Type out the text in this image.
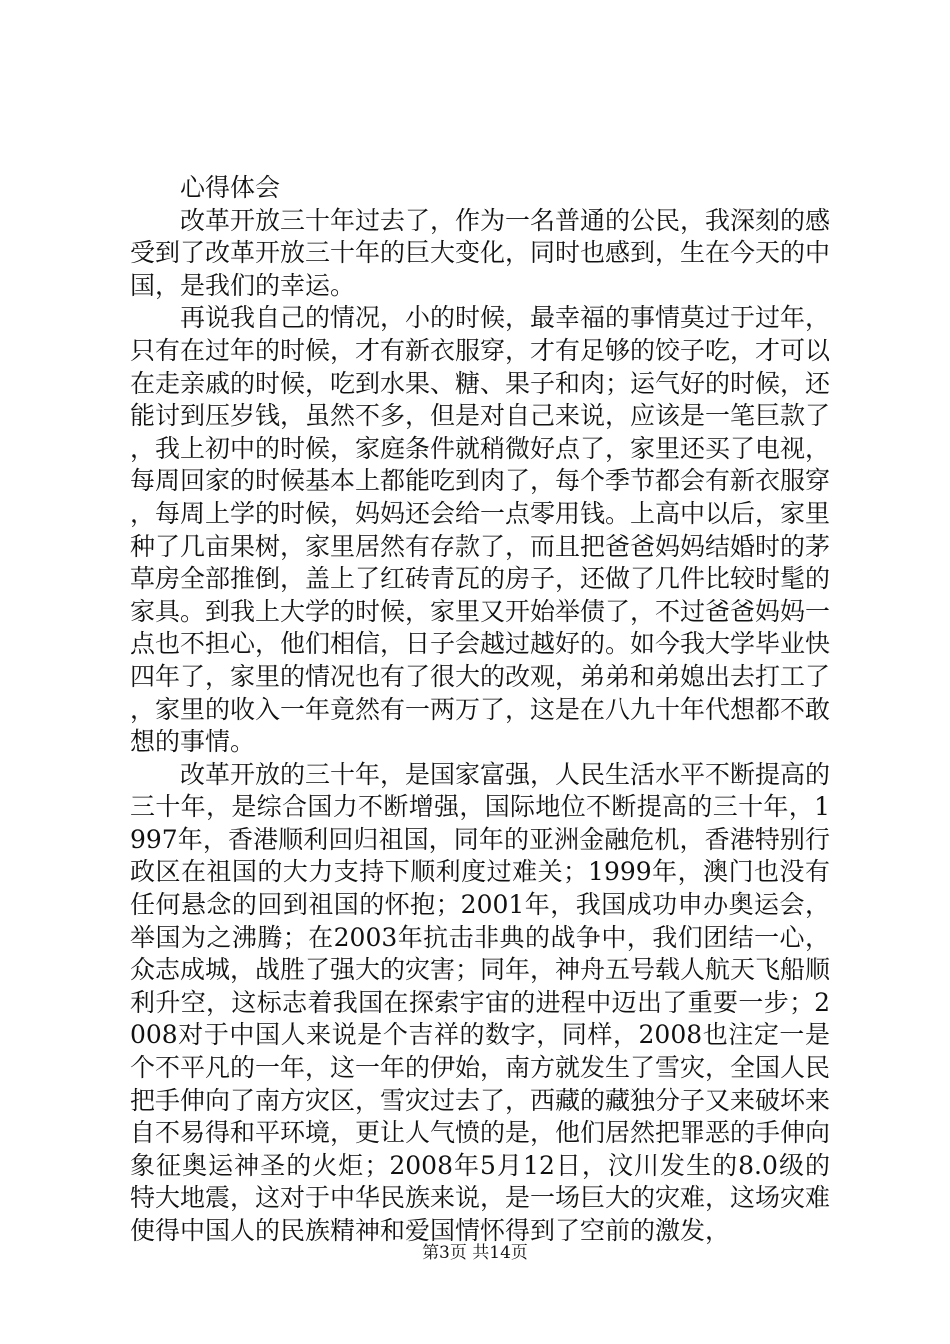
心得体会

改革开放三十年过去了，作为一名普通的公民，我深刻的感受到了改革开放三十年的巨大变化，同时也感到，生在今天的中国，是我们的幸运。

再说我自己的情况，小的时候，最幸福的事情莫过于过年，只有在过年的时候，才有新衣服穿，才有足够的饺子吃，才可以在走亲戚的时候，吃到水果、糖、果子和肉；运气好的时候，还能讨到压岁钱，虽然不多，但是对自己来说，应该是一笔巨款了，我上初中的时候，家庭条件就稍微好点了，家里还买了电视，每周回家的时候基本上都能吃到肉了，每个季节都会有新衣服穿，每周上学的时候，妈妈还会给一点零用钱。上高中以后，家里种了几亩果树，家里居然有存款了，而且把爸爸妈妈结婚时的茅草房全部推倒，盖上了红砖青瓦的房子，还做了几件比较时髦的家具。到我上大学的时候，家里又开始举债了，不过爸爸妈妈一点也不担心，他们相信，日子会越过越好的。如今我大学毕业快四年了，家里的情况也有了很大的改观，弟弟和弟媳出去打工了，家里的收入一年竟然有一两万了，这是在八九十年代想都不敢想的事情。

改革开放的三十年，是国家富强，人民生活水平不断提高的三十年，是综合国力不断增强，国际地位不断提高的三十年，1997年，香港顺利回归祖国，同年的亚洲金融危机，香港特别行政区在祖国的大力支持下顺利度过难关；1999年，澳门也没有任何悬念的回到祖国的怀抱；2001年，我国成功申办奥运会，举国为之沸腾；在2003年抗击非典的战争中，我们团结一心，众志成城，战胜了强大的灾害；同年，神舟五号载人航天飞船顺利升空，这标志着我国在探索宇宙的进程中迈出了重要一步；2008对于中国人来说是个吉祥的数字，同样，2008也注定一是个不平凡的一年，这一年的伊始，南方就发生了雪灾，全国人民把手伸向了南方灾区，雪灾过去了，西藏的藏独分子又来破坏来自不易得和平环境，更让人气愤的是，他们居然把罪恶的手伸向象征奥运神圣的火炬；2008年5月12日，汶川发生的8.0级的特大地震，这对于中华民族来说，是一场巨大的灾难，这场灾难使得中国人的民族精神和爱国情怀得到了空前的激发，

第3页 共14页
